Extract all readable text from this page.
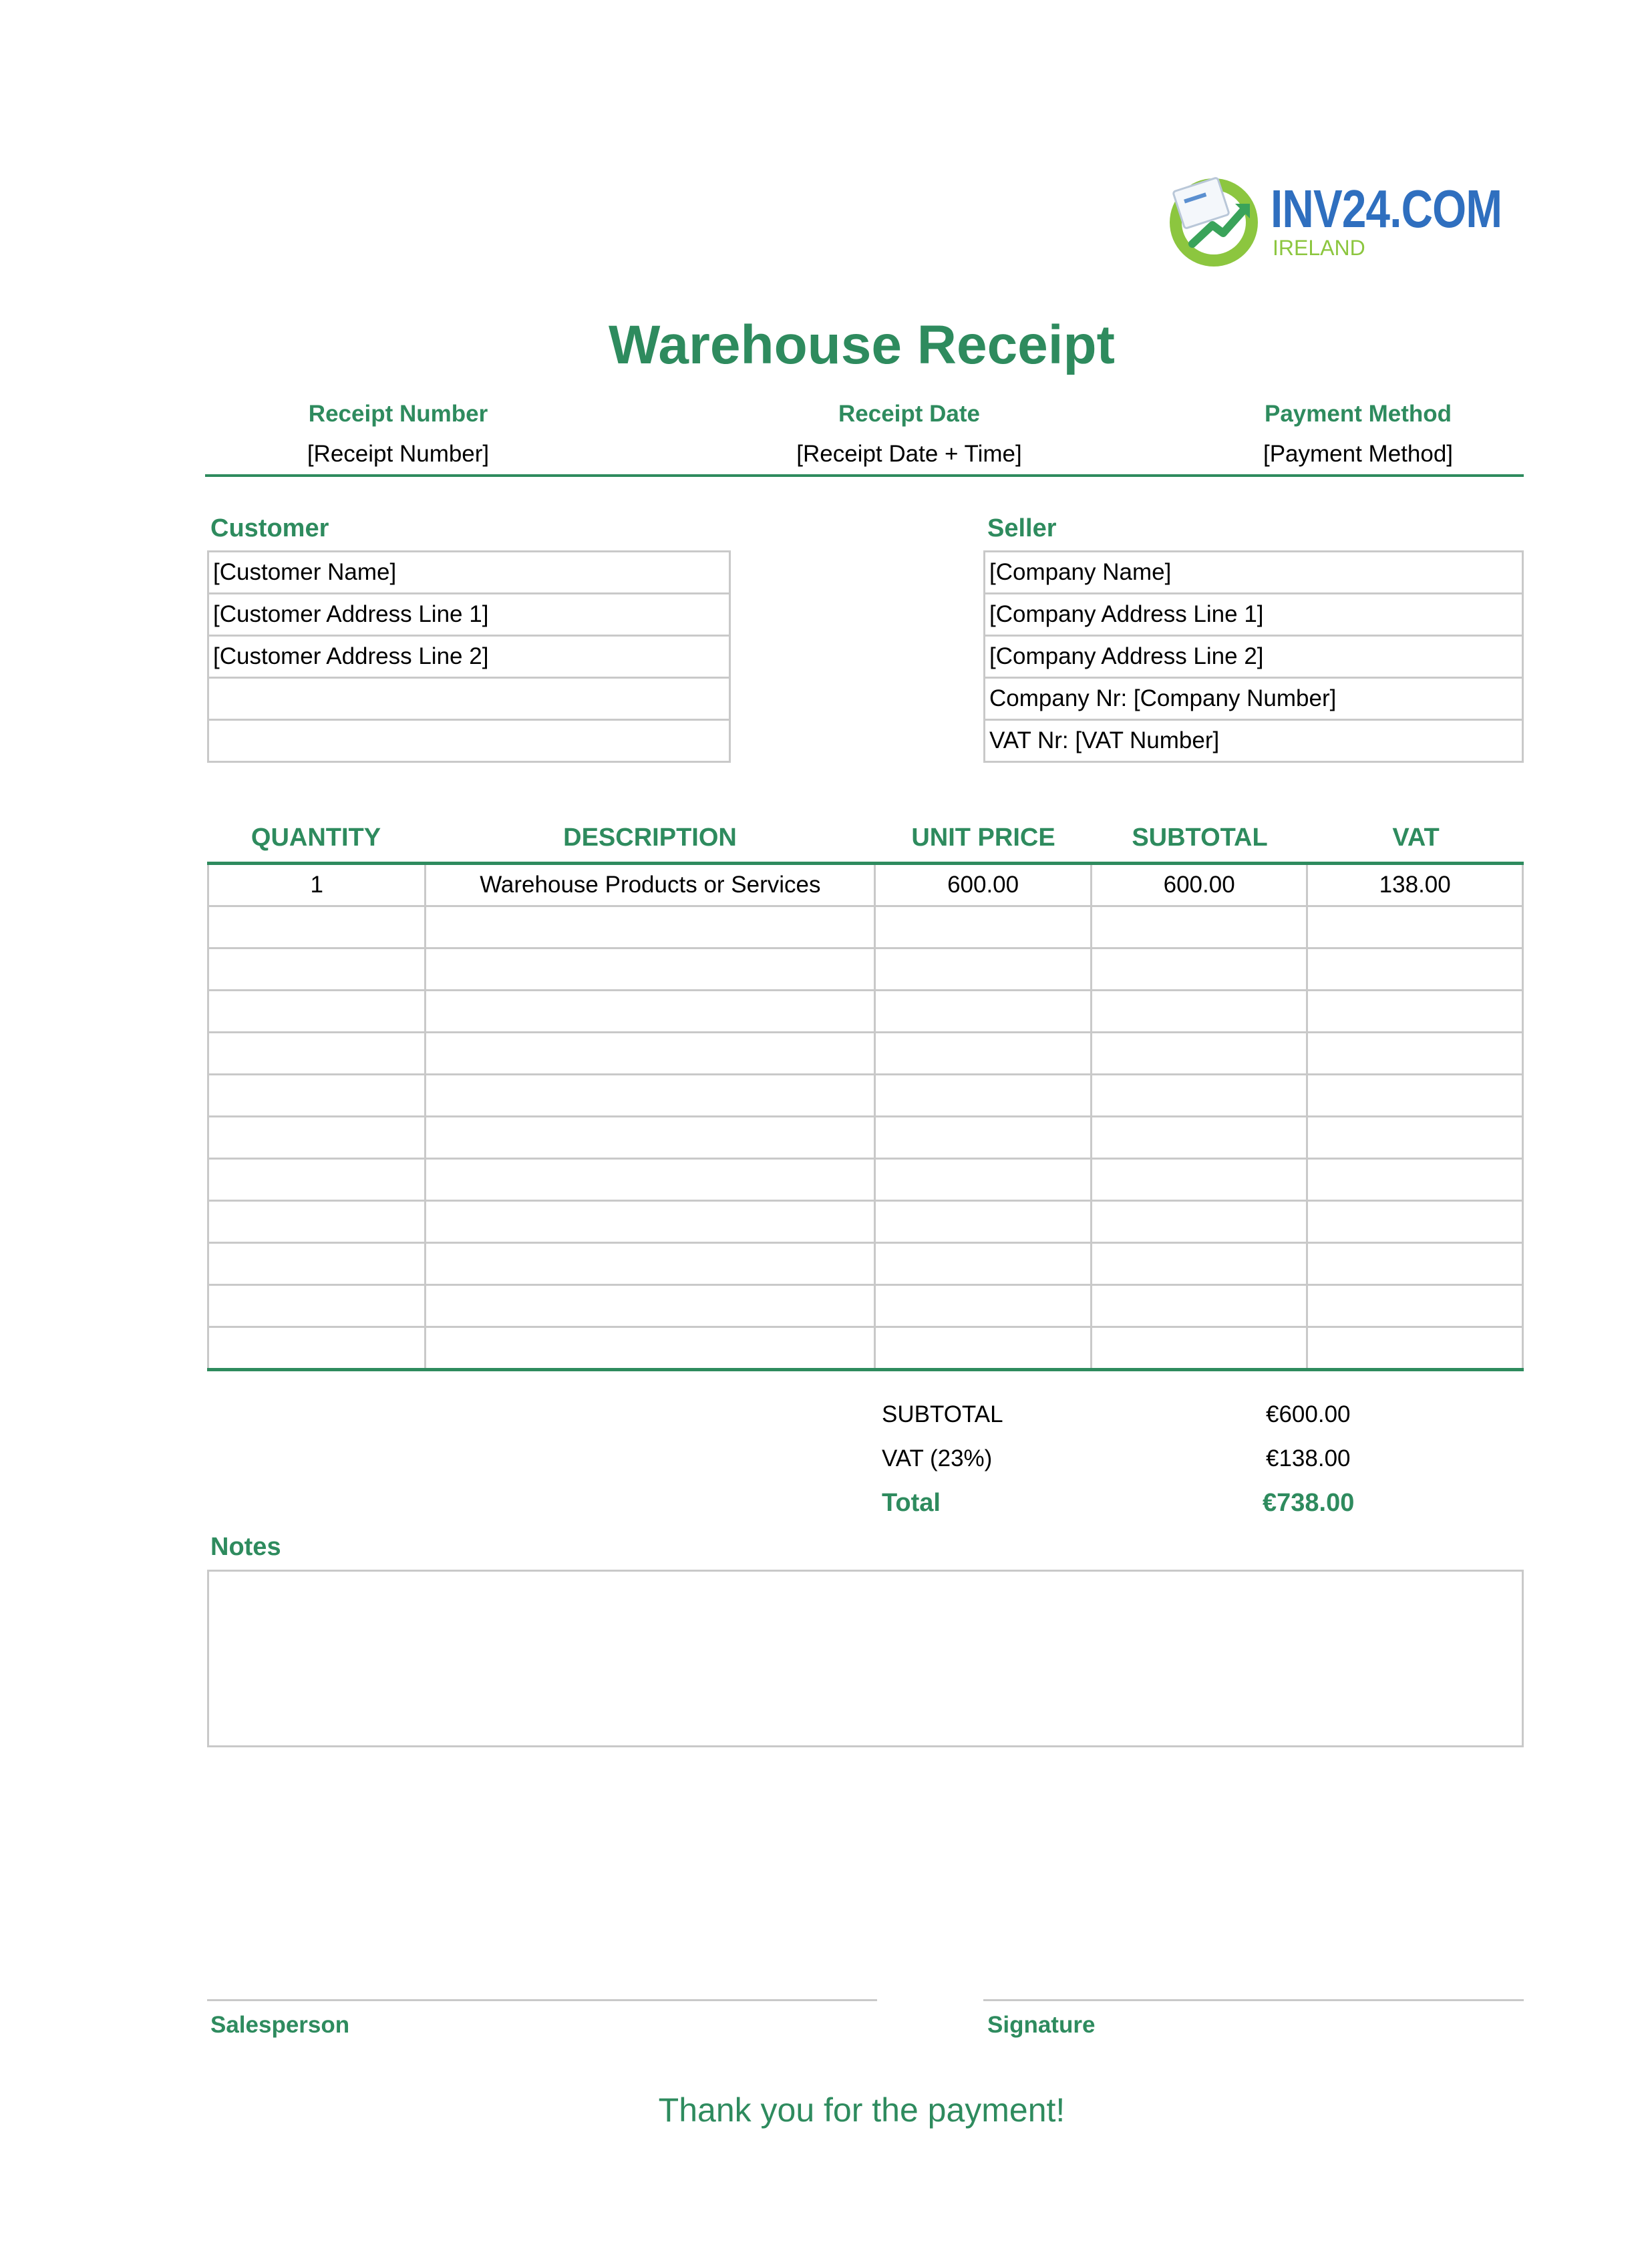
INV24.COM
IRELAND
Warehouse Receipt
Receipt Number
[Receipt Number]
Receipt Date
[Receipt Date + Time]
Payment Method
[Payment Method]
Customer
[Customer Name]
[Customer Address Line 1]
[Customer Address Line 2]

Seller
[Company Name]
[Company Address Line 1]
[Company Address Line 2]
Company Nr: [Company Number]
VAT Nr: [VAT Number]
QUANTITY	DESCRIPTION	UNIT PRICE	SUBTOTAL	VAT
1	Warehouse Products or Services	600.00	600.00	138.00

SUBTOTAL	€600.00
VAT (23%)	€138.00
Total	€738.00
Notes
Salesperson	Signature
Thank you for the payment!
